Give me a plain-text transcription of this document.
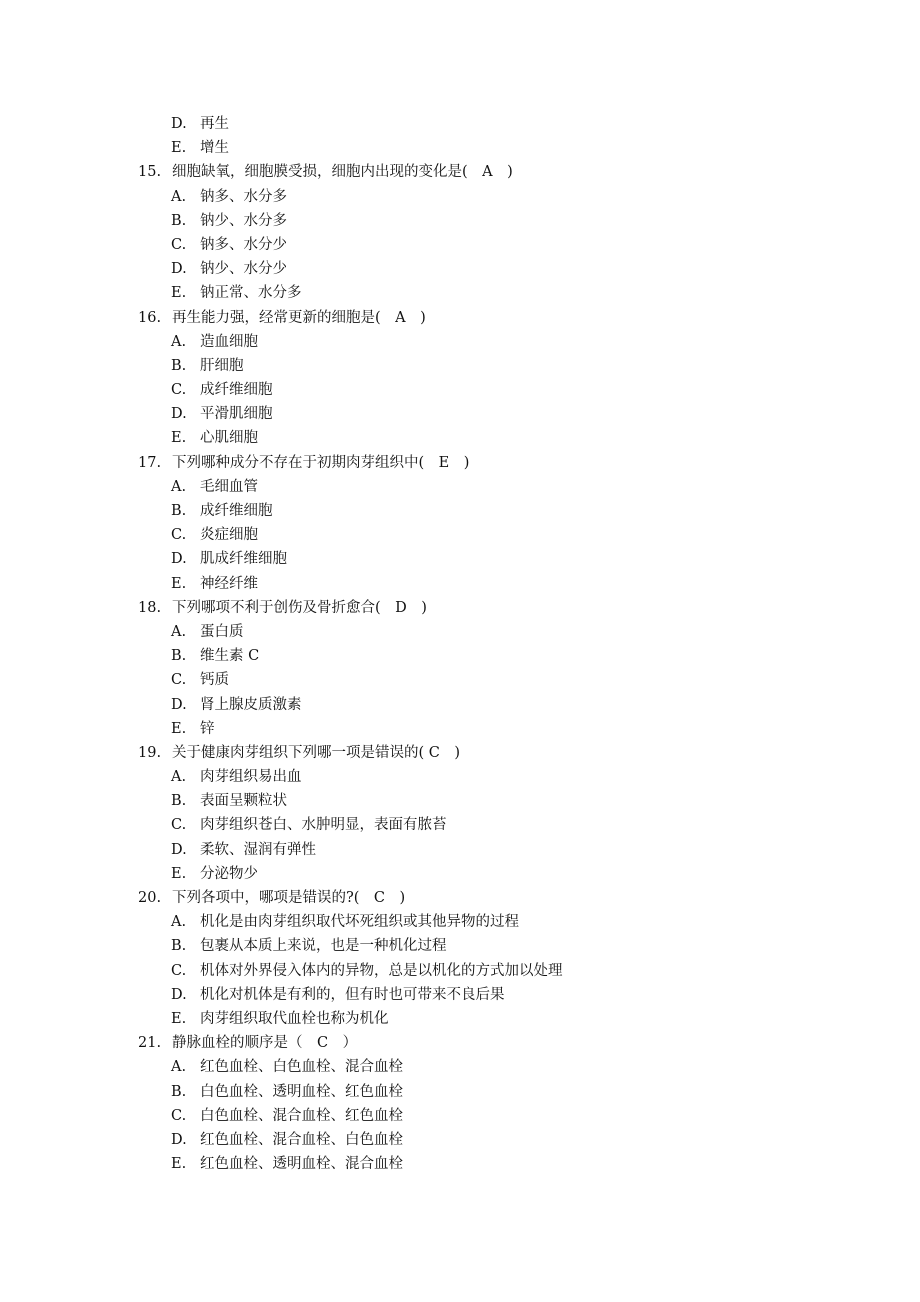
D. 再生
E. 增生
15. 细胞缺氧，细胞膜受损，细胞内出现的变化是(　A　)
A. 钠多、水分多
B. 钠少、水分多
C. 钠多、水分少
D. 钠少、水分少
E. 钠正常、水分多
16. 再生能力强，经常更新的细胞是(　A　)
A. 造血细胞
B. 肝细胞
C. 成纤维细胞
D. 平滑肌细胞
E. 心肌细胞
17. 下列哪种成分不存在于初期肉芽组织中(　E　)
A. 毛细血管
B. 成纤维细胞
C. 炎症细胞
D. 肌成纤维细胞
E. 神经纤维
18. 下列哪项不利于创伤及骨折愈合(　D　)
A. 蛋白质
B. 维生素 C
C. 钙质
D. 肾上腺皮质激素
E. 锌
19. 关于健康肉芽组织下列哪一项是错误的( C　)
A. 肉芽组织易出血
B. 表面呈颗粒状
C. 肉芽组织苍白、水肿明显，表面有脓苔
D. 柔软、湿润有弹性
E. 分泌物少
20. 下列各项中，哪项是错误的?(　C　)
A. 机化是由肉芽组织取代坏死组织或其他异物的过程
B. 包裹从本质上来说，也是一种机化过程
C. 机体对外界侵入体内的异物，总是以机化的方式加以处理
D. 机化对机体是有利的，但有时也可带来不良后果
E. 肉芽组织取代血栓也称为机化
21. 静脉血栓的顺序是（　C　）
A. 红色血栓、白色血栓、混合血栓
B. 白色血栓、透明血栓、红色血栓
C. 白色血栓、混合血栓、红色血栓
D. 红色血栓、混合血栓、白色血栓
E. 红色血栓、透明血栓、混合血栓
